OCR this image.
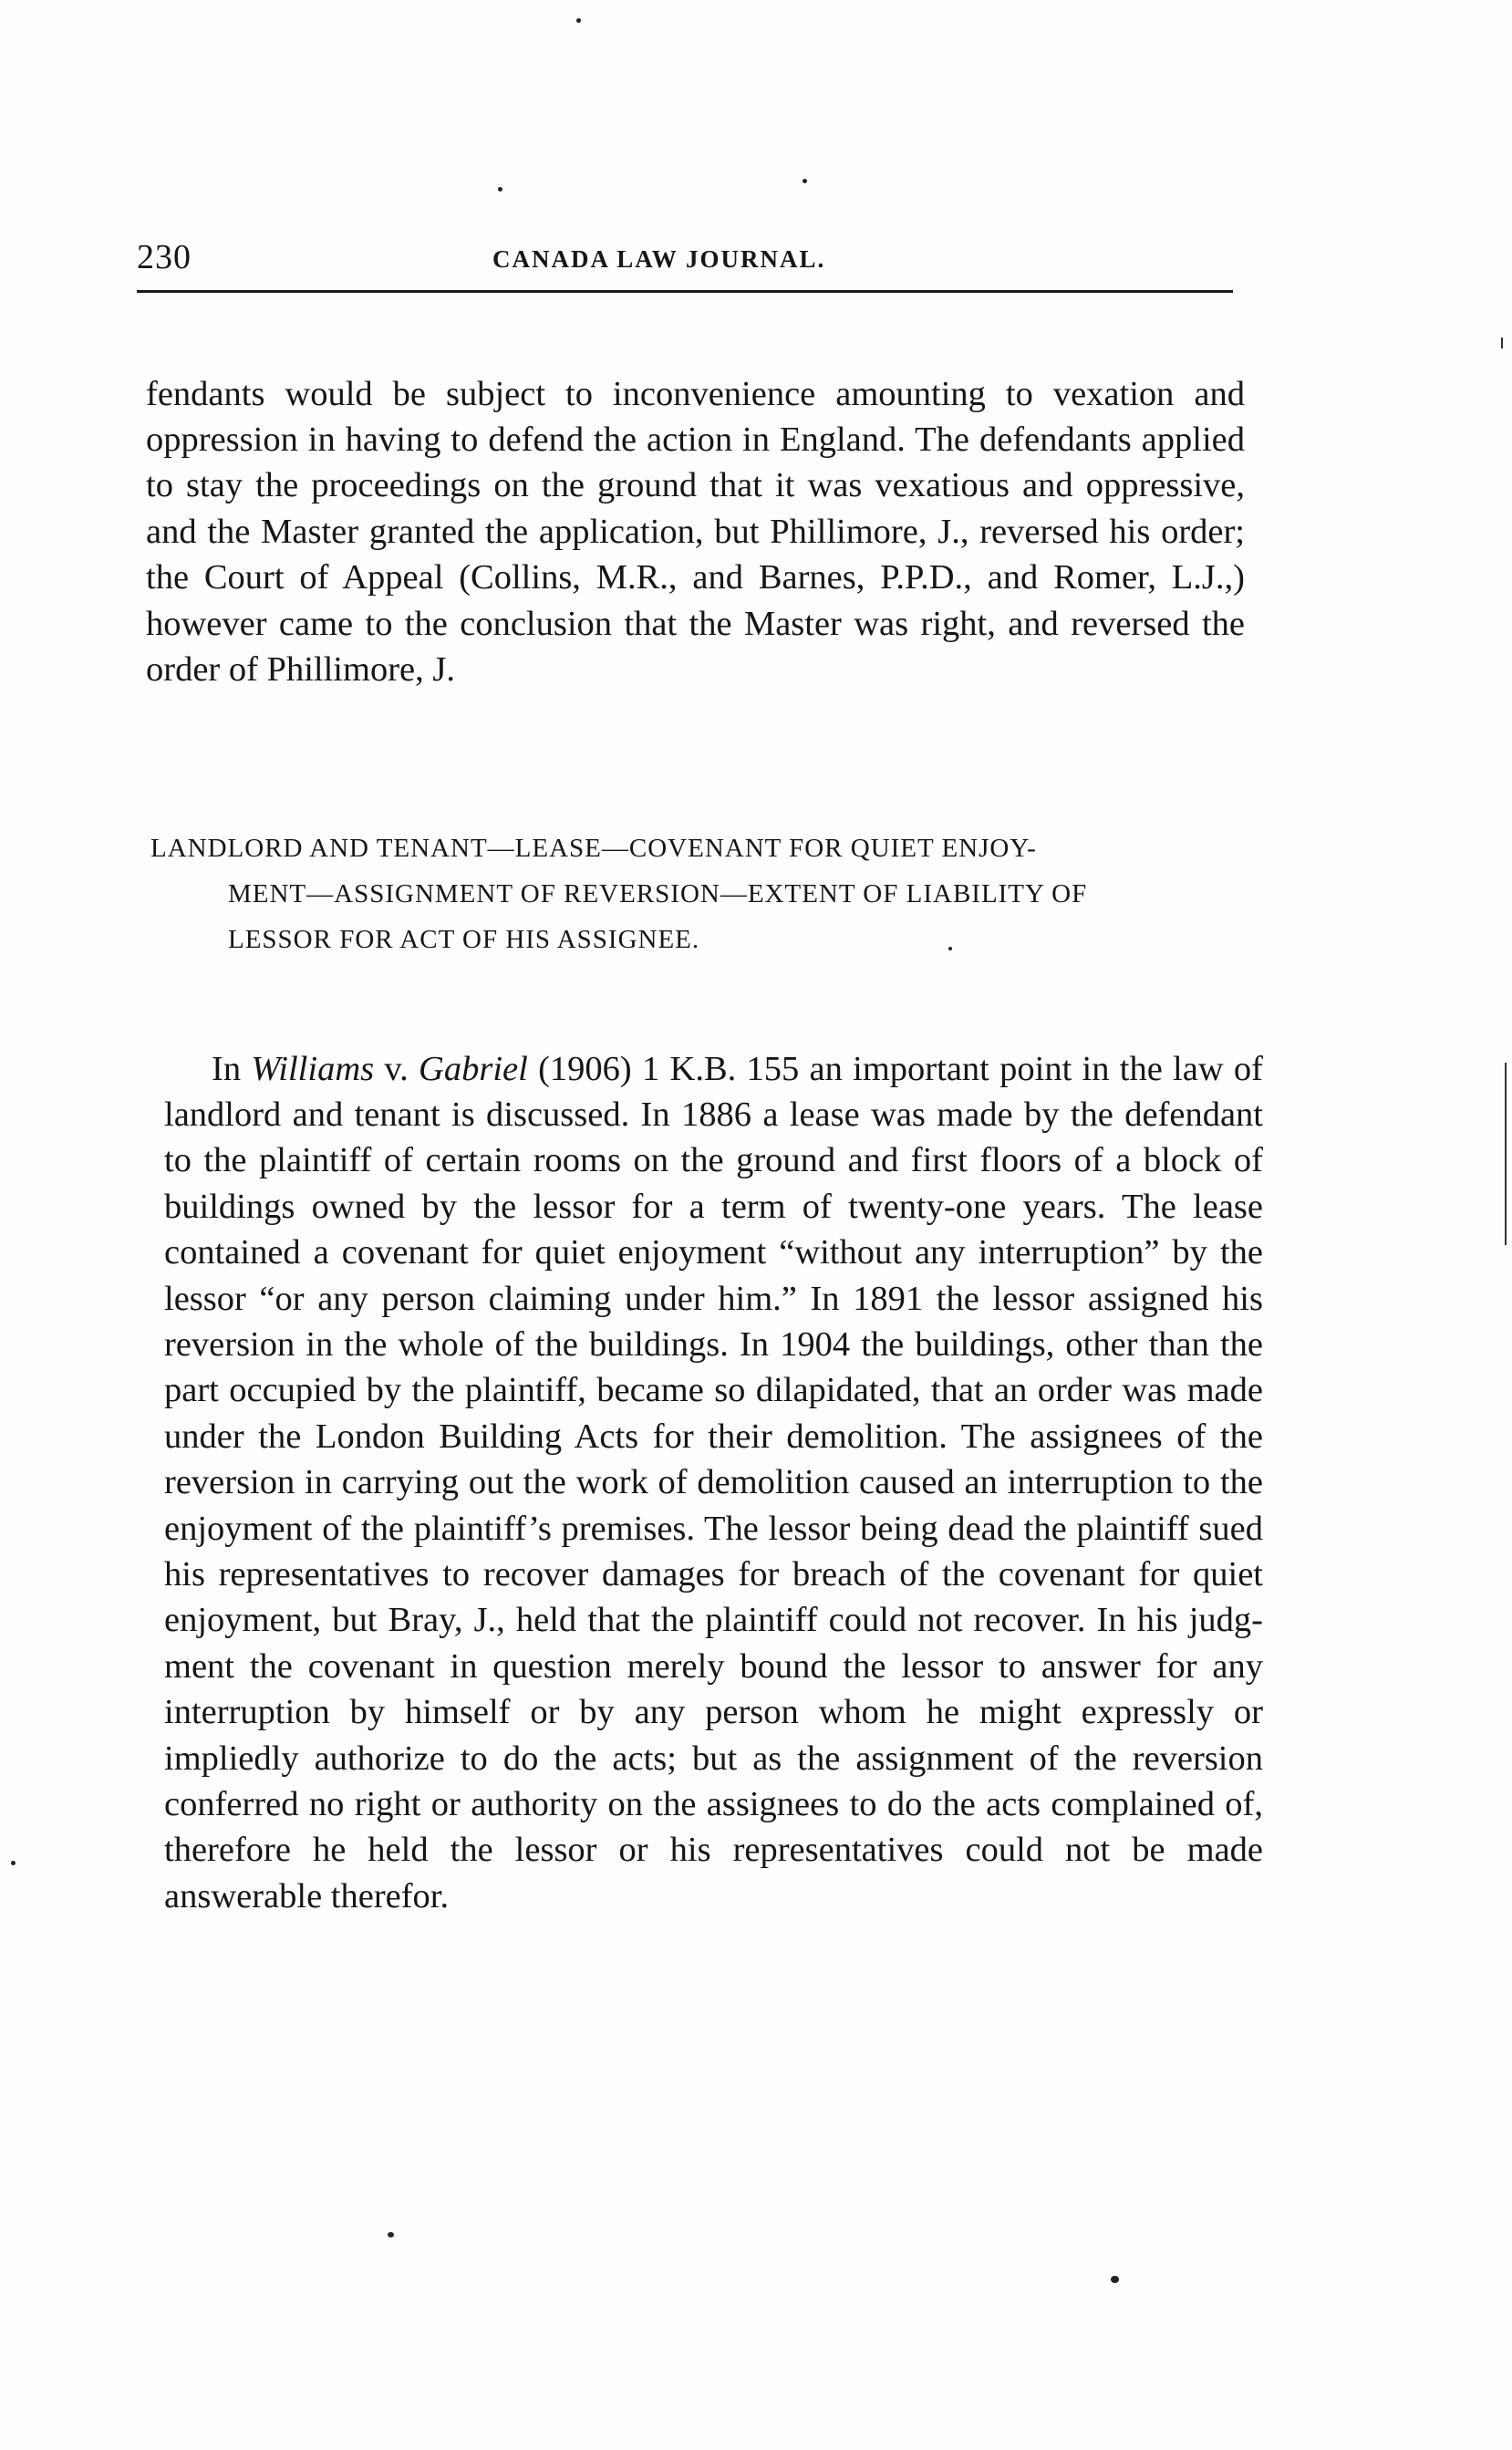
230	CANADA LAW JOURNAL.

fendants would be subject to inconvenience amounting to vexation and oppression in having to defend the action in England. The defendants applied to stay the proceedings on the ground that it was vexatious and oppressive, and the Master granted the application, but Phillimore, J., reversed his order; the Court of Appeal (Collins, M.R., and Barnes, P.P.D., and Romer, L.J.,) however came to the conclusion that the Master was right, and reversed the order of Phillimore, J.

LANDLORD AND TENANT—LEASE—COVENANT FOR QUIET ENJOY-
MENT—ASSIGNMENT OF REVERSION—EXTENT OF LIABILITY OF
LESSOR FOR ACT OF HIS ASSIGNEE.

In Williams v. Gabriel (1906) 1 K.B. 155 an important point in the law of landlord and tenant is discussed. In 1886 a lease was made by the defendant to the plaintiff of certain rooms on the ground and first floors of a block of buildings owned by the lessor for a term of twenty-one years. The lease contained a covenant for quiet enjoyment “without any interruption” by the lessor “or any person claiming under him.” In 1891 the lessor assigned his reversion in the whole of the buildings. In 1904 the buildings, other than the part occupied by the plaintiff, became so dilapidated, that an order was made under the London Building Acts for their demolition. The assignees of the reversion in carrying out the work of demolition caused an interruption to the enjoyment of the plaintiff’s premises. The lessor being dead the plaintiff sued his representatives to recover damages for breach of the covenant for quiet enjoyment, but Bray, J., held that the plaintiff could not recover. In his judgment the covenant in question merely bound the lessor to answer for any interruption by himself or by any person whom he might expressly or impliedly authorize to do the acts; but as the assignment of the reversion conferred no right or authority on the assignees to do the acts complained of, therefore he held the lessor or his representatives could not be made answerable therefor.
